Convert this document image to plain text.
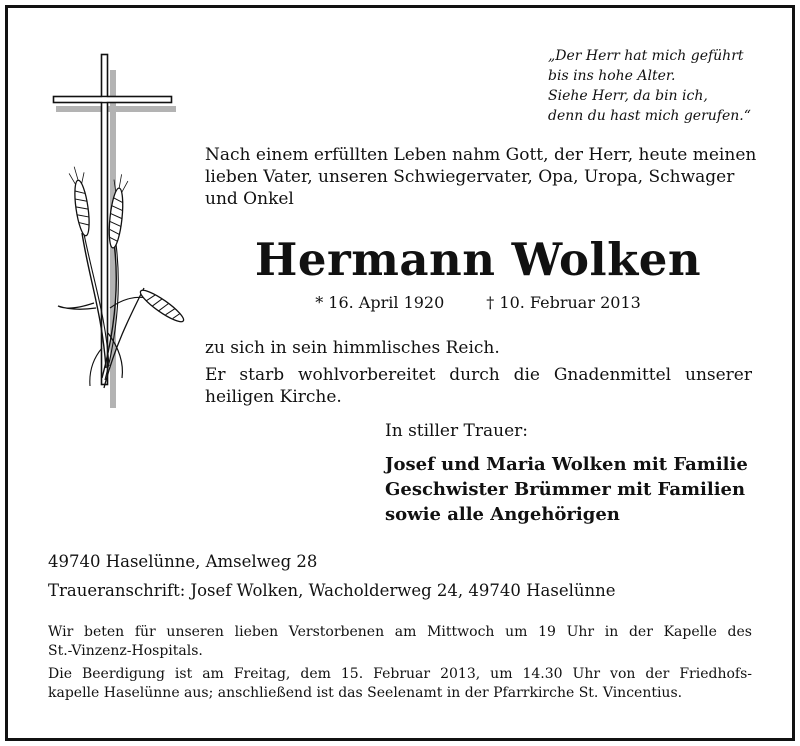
„Der Herr hat mich geführt
bis ins hohe Alter.
Siehe Herr, da bin ich,
denn du hast mich gerufen.“
Nach einem erfüllten Leben nahm Gott, der Herr, heute meinen
lieben Vater, unseren Schwiegervater, Opa, Uropa, Schwager
und Onkel
Hermann Wolken
* 16. April 1920	† 10. Februar 2013
zu sich in sein himmlisches Reich.
Er starb wohlvorbereitet durch die Gnadenmittel unserer
heiligen Kirche.
In stiller Trauer:
Josef und Maria Wolken mit Familie
Geschwister Brümmer mit Familien
sowie alle Angehörigen
49740 Haselünne, Amselweg 28
Traueranschrift: Josef Wolken, Wacholderweg 24, 49740 Haselünne
Wir beten für unseren lieben Verstorbenen am Mittwoch um 19 Uhr in der Kapelle des
St.-Vinzenz-Hospitals.
Die Beerdigung ist am Freitag, dem 15. Februar 2013, um 14.30 Uhr von der Friedhofs-
kapelle Haselünne aus; anschließend ist das Seelenamt in der Pfarrkirche St. Vincentius.
